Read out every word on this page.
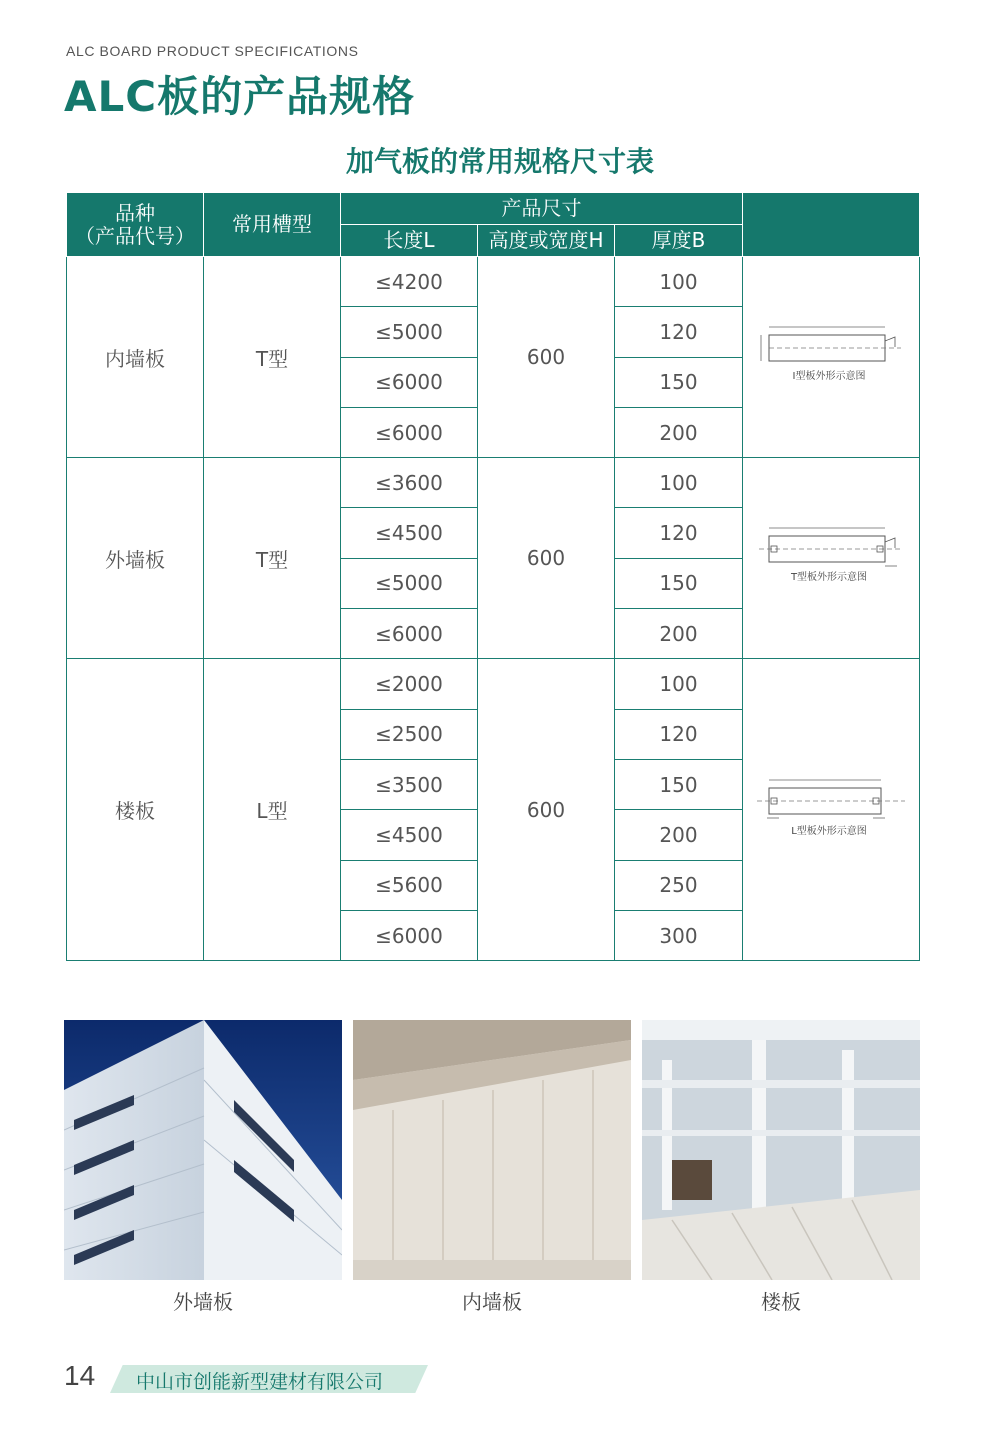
ALC BOARD PRODUCT SPECIFICATIONS
ALC板的产品规格
加气板的常用规格尺寸表
品种
（产品代号）	常用槽型	产品尺寸			
		长度L	高度或宽度H	厚度B	
内墙板	T型	≤4200	600	100	I型板外形示意图

		≤5000		120	
		≤6000		150	
		≤6000		200	
外墙板	T型	≤3600	600	100	T型板外形示意图

		≤4500		120	
		≤5000		150	
		≤6000		200	
楼板	L型	≤2000	600	100	L型板外形示意图

		≤2500		120	
		≤3500		150	
		≤4500		200	
		≤5600		250	
		≤6000		300	
外墙板	内墙板	楼板
14 中山市创能新型建材有限公司
